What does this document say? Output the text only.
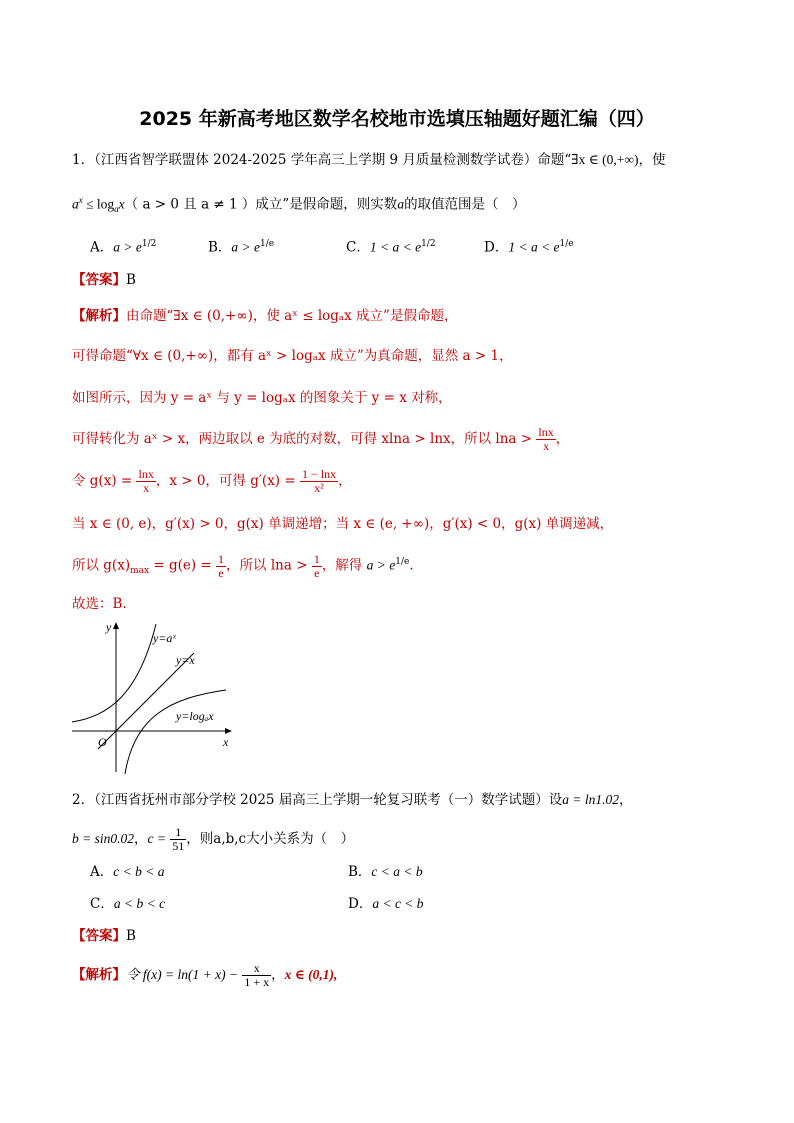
2025 年新高考地区数学名校地市选填压轴题好题汇编（四）
1．（江西省智学联盟体 2024-2025 学年高三上学期 9 月质量检测数学试卷）命题“∃x ∈ (0,+∞)，使
$a^x \le \log_ax$（ a > 0 且 a ≠ 1 ）成立”是假命题，则实数a的取值范围是（　）
A．$a > e^{1/2}$	B．$a > e^{1/e}$	C．$1 < a < e^{1/2}$	D．$1 < a < e^{1/e}$
【答案】B
【解析】由命题“∃x ∈ (0,+∞)，使 aˣ ≤ logₐx 成立”是假命题，
可得命题“∀x ∈ (0,+∞)，都有 aˣ > logₐx 成立”为真命题，显然 a > 1，
如图所示，因为 y = aˣ 与 y = logₐx 的图象关于 y = x 对称，
可得转化为 aˣ > x，两边取以 e 为底的对数，可得 xlna > lnx，所以 $\ln a > \frac{\ln x}{x}$ ，
令 $g(x) = \frac{\ln x}{x}$ ，x > 0，可得 $g'(x) = \frac{1 - \ln x}{\text{x²}}$ ，
当 x ∈ (0, e)，g′(x) > 0，g(x) 单调递增；当 x ∈ (e, +∞)，g′(x) < 0，g(x) 单调递减，
所以 $g(x)_{max} = g(e) = \frac{1}{e}$ ，所以 $\ln a > \frac{1}{e}$ ，解得 $a > e^{1/e}$.
故选：B.
y
x
O
y=aˣ
y=x
y=logₐx
2．（江西省抚州市部分学校 2025 届高三上学期一轮复习联考（一）数学试题）设a = ln1.02，
b = sin0.02，$c = \frac{1}{51}$ ，则a,b,c大小关系为（　）
A．c < b < a	B．c < a < b
C．a < b < c	D．a < c < b
【答案】B
【解析】令 $f(x) = \ln(1 + x) - \frac{x}{1 + x}$ ，x ∈ (0,1),
